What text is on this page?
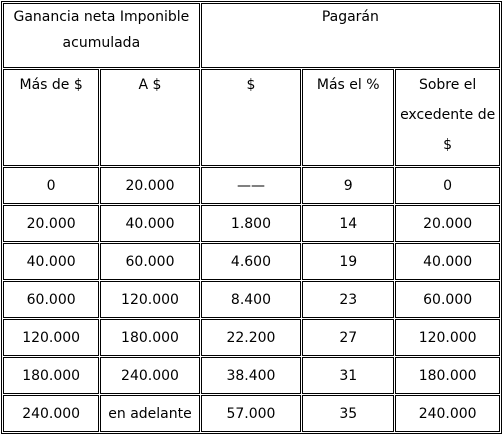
Ganancia neta Imponible acumulada		Pagarán		
Más de $	A $	$	Más el %	Sobre el excedente de $
0	20.000	——	9	0
20.000	40.000	1.800	14	20.000
40.000	60.000	4.600	19	40.000
60.000	120.000	8.400	23	60.000
120.000	180.000	22.200	27	120.000
180.000	240.000	38.400	31	180.000
240.000	en adelante	57.000	35	240.000
